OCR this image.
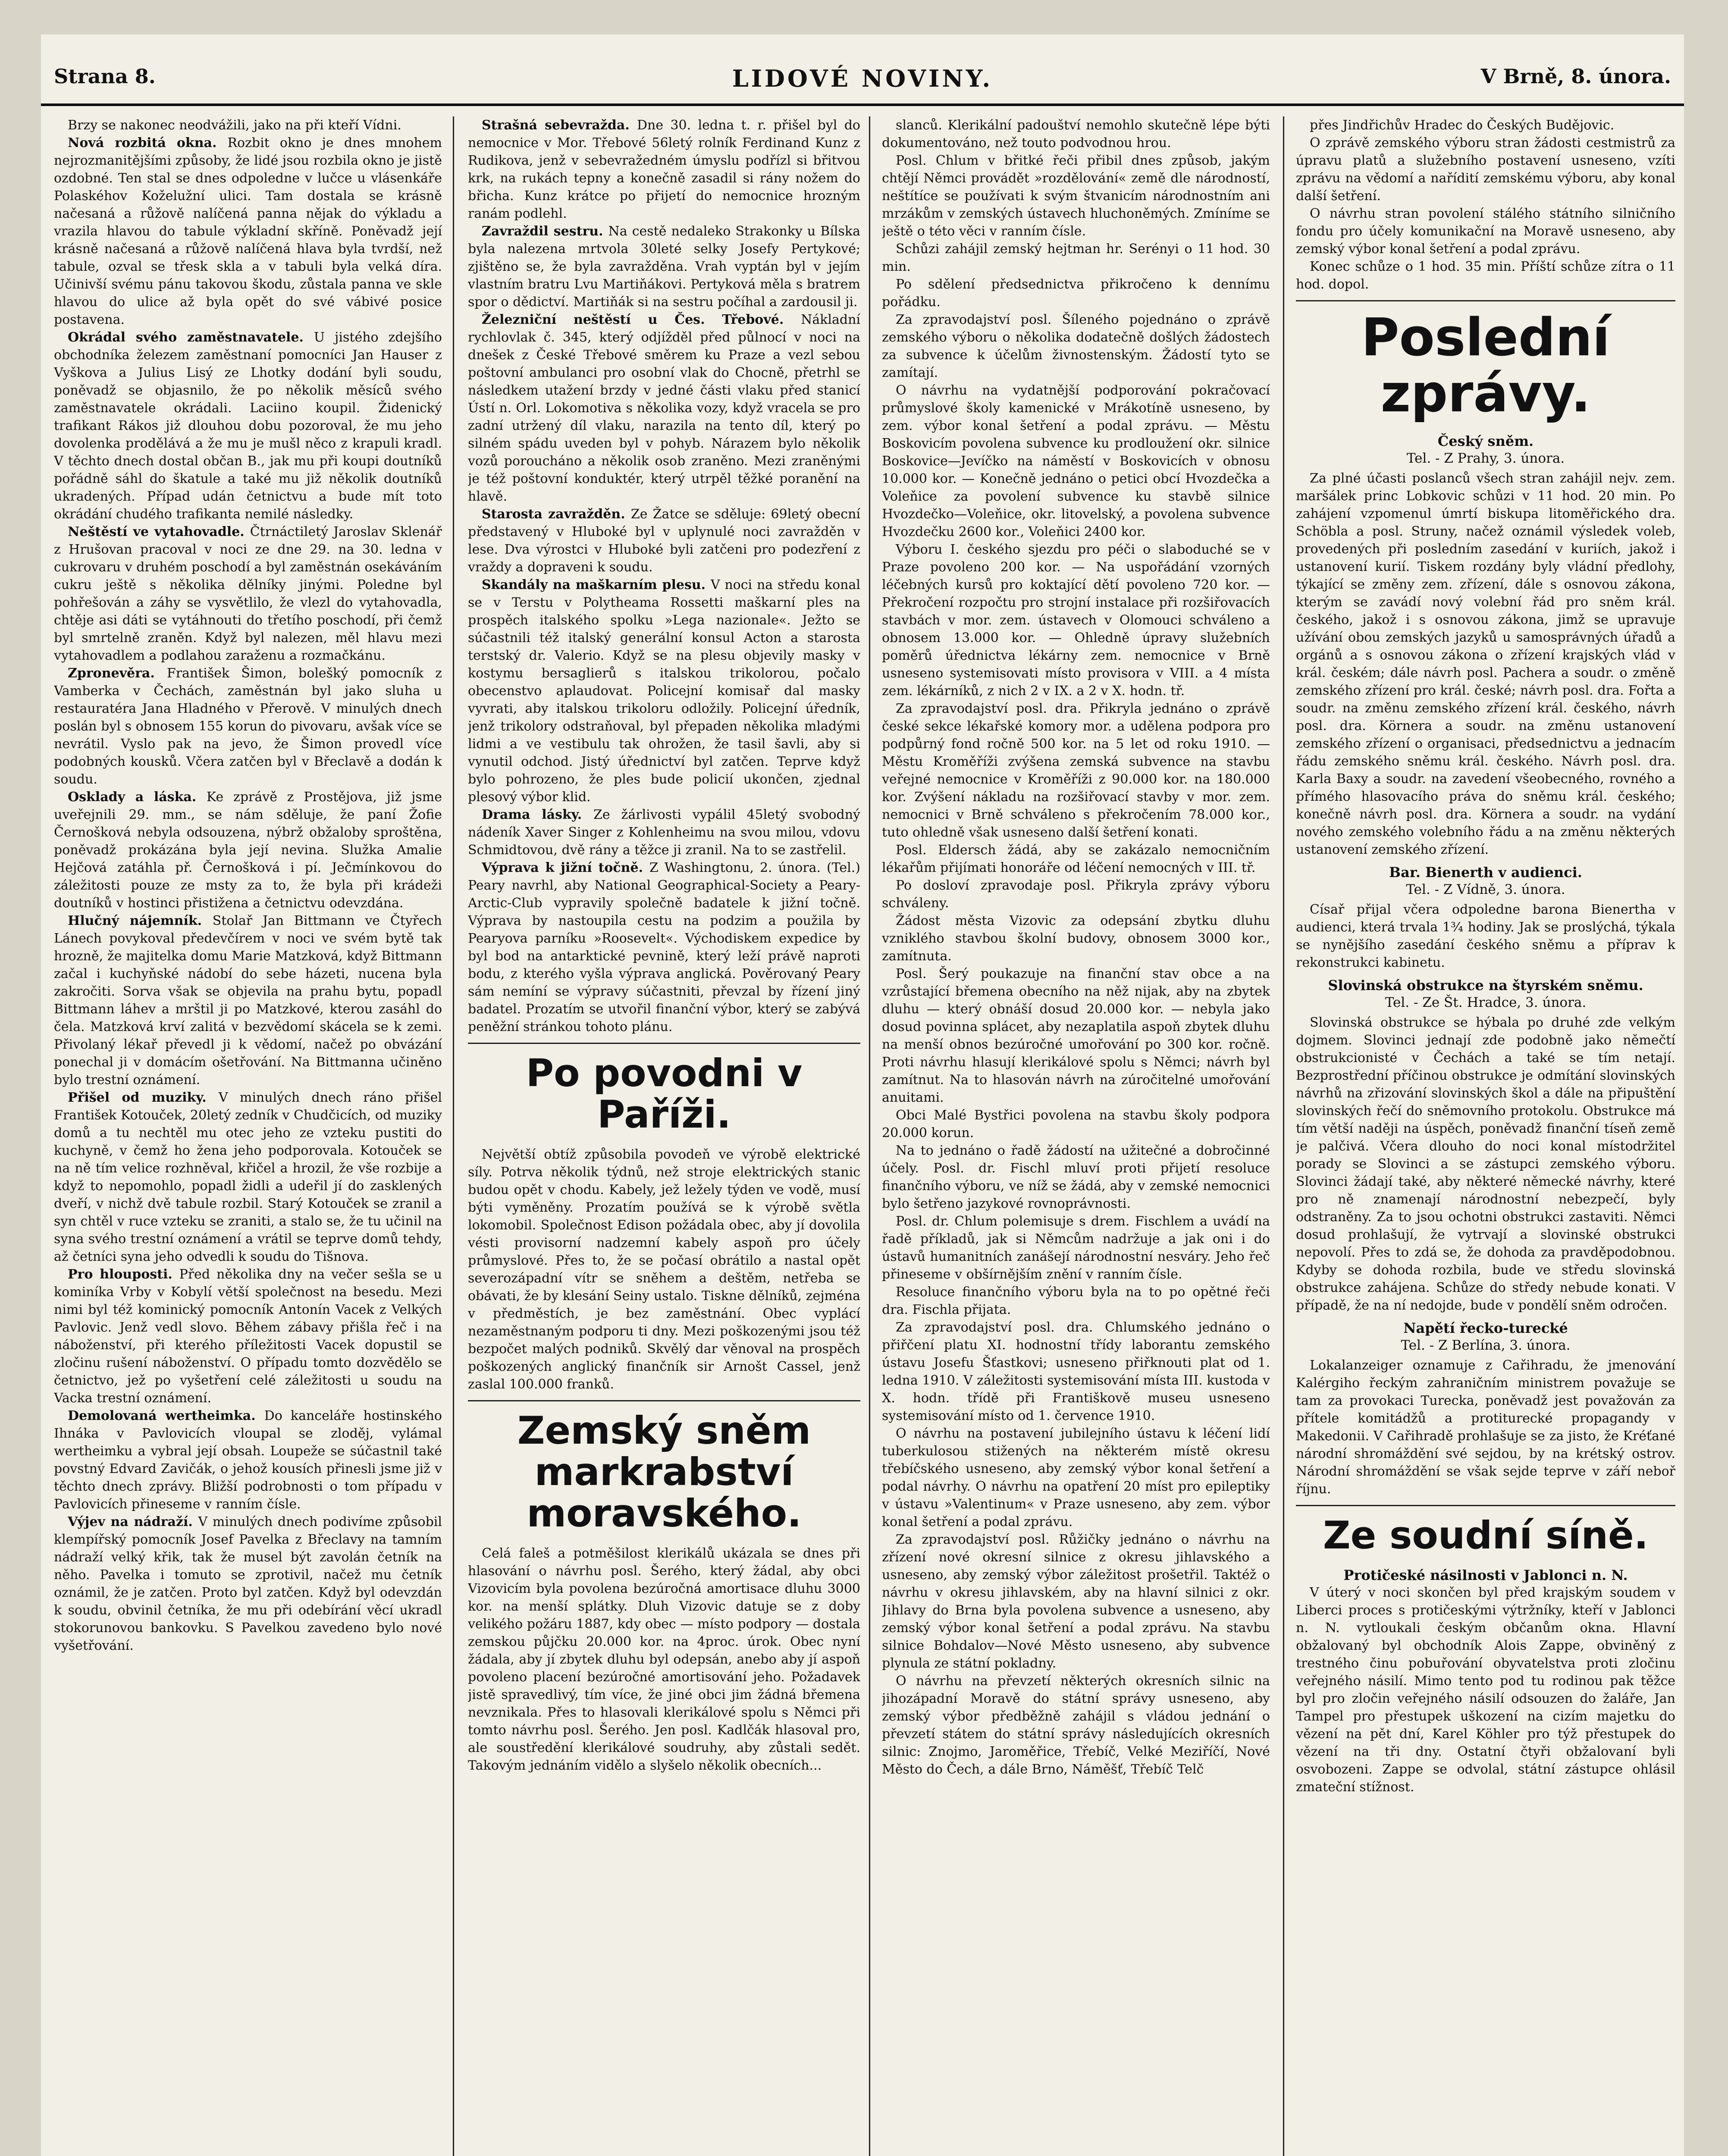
Strana 8.	LIDOVÉ NOVINY.	V Brně, 8. února.

Brzy se nakonec neodvážili, jako na při kteří Vídni.

Nová rozbitá okna. Rozbit okno je dnes mnohem nejrozmanitějšími způsoby, že lidé jsou rozbila okno je jistě ozdobné. Ten stal se dnes odpoledne v lučce u vlásenkáře Polaskéhov Koželužní ulici. Tam dostala se krásně načesaná a růžově nalíčená panna nějak do výkladu a vrazila hlavou do tabule výkladní skříně. Poněvadž její krásně načesaná a růžově nalíčená hlava byla tvrdší, než tabule, ozval se třesk skla a v tabuli byla velká díra. Učinivší svému pánu takovou škodu, zůstala panna ve skle hlavou do ulice až byla opět do své vábivé posice postavena.

Okrádal svého zaměstnavatele. U jistého zdejšího obchodníka železem zaměstnaní pomocníci Jan Hauser z Vyškova a Julius Lisý ze Lhotky dodání byli soudu, poněvadž se objasnilo, že po několik měsíců svého zaměstnavatele okrádali. Laciino koupil. Židenický trafikant Rákos již dlouhou dobu pozoroval, že mu jeho dovolenka prodělává a že mu je mušl něco z krapuli kradl. V těchto dnech dostal občan B., jak mu při koupi doutníků pořádně sáhl do škatule a také mu již několik doutníků ukradených. Případ udán četnictvu a bude mít toto okrádání chudého trafikanta nemilé následky.

Neštěstí ve vytahovadle. Čtrnáctiletý Jaroslav Sklenář z Hrušovan pracoval v noci ze dne 29. na 30. ledna v cukrovaru v druhém poschodí a byl zaměstnán osekáváním cukru ještě s několika dělníky jinými. Poledne byl pohřešován a záhy se vysvětlilo, že vlezl do vytahovadla, chtěje asi dáti se vytáhnouti do třetího poschodí, při čemž byl smrtelně zraněn. Když byl nalezen, měl hlavu mezi vytahovadlem a podlahou zaraženu a rozmačkánu.

Zpronevěra. František Šimon, bolešký pomocník z Vamberka v Čechách, zaměstnán byl jako sluha u restauratéra Jana Hladného v Přerově. V minulých dnech poslán byl s obnosem 155 korun do pivovaru, avšak více se nevrátil. Vyslo pak na jevo, že Šimon provedl více podobných kousků. Včera zatčen byl v Břeclavě a dodán k soudu.

Osklady a láska. Ke zprávě z Prostějova, již jsme uveřejnili 29. mm., se nám sděluje, že paní Žofie Černošková nebyla odsouzena, nýbrž obžaloby sproštěna, poněvadž prokázána byla její nevina. Služka Amalie Hejčová zatáhla př. Černošková i pí. Ječmínkovou do záležitosti pouze ze msty za to, že byla při krádeži doutníků v hostinci přistižena a četnictvu odevzdána.

Hlučný nájemník. Stolař Jan Bittmann ve Čtyřech Lánech povykoval předevčírem v noci ve svém bytě tak hrozně, že majitelka domu Marie Matzková, když Bittmann začal i kuchyňské nádobí do sebe házeti, nucena byla zakročiti. Sorva však se objevila na prahu bytu, popadl Bittmann láhev a mrštil ji po Matzkové, kterou zasáhl do čela. Matzková krví zalitá v bezvědomí skácela se k zemi. Přivolaný lékař převedl ji k vědomí, načež po obvázání ponechal ji v domácím ošetřování. Na Bittmanna učiněno bylo trestní oznámení.

Přišel od muziky. V minulých dnech ráno přišel František Kotouček, 20letý zedník v Chudčicích, od muziky domů a tu nechtěl mu otec jeho ze vzteku pustiti do kuchyně, v čemž ho žena jeho podporovala. Kotouček se na ně tím velice rozhněval, křičel a hrozil, že vše rozbije a když to nepomohlo, popadl židli a udeřil jí do zasklených dveří, v nichž dvě tabule rozbil. Starý Kotouček se zranil a syn chtěl v ruce vzteku se zraniti, a stalo se, že tu učinil na syna svého trestní oznámení a vrátil se teprve domů tehdy, až četníci syna jeho odvedli k soudu do Tišnova.

Pro hlouposti. Před několika dny na večer sešla se u kominíka Vrby v Kobylí větší společnost na besedu. Mezi nimi byl též kominický pomocník Antonín Vacek z Velkých Pavlovic. Jenž vedl slovo. Během zábavy přišla řeč i na náboženství, při kterého příležitosti Vacek dopustil se zločinu rušení náboženství. O případu tomto dozvědělo se četnictvo, jež po vyšetření celé záležitosti u soudu na Vacka trestní oznámení.

Demolovaná wertheimka. Do kanceláře hostinského Ihnáka v Pavlovicích vloupal se zloděj, vylámal wertheimku a vybral její obsah. Loupeže se súčastnil také povstný Edvard Zavičák, o jehož kousích přinesli jsme již v těchto dnech zprávy. Bližší podrobnosti o tom případu v Pavlovicích přineseme v ranním čísle.

Výjev na nádraží. V minulých dnech podivíme způsobil klempířský pomocník Josef Pavelka z Břeclavy na tamním nádraží velký křik, tak že musel být zavolán četník na něho. Pavelka i tomuto se zprotivil, načež mu četník oznámil, že je zatčen. Proto byl zatčen. Když byl odevzdán k soudu, obvinil četníka, že mu při odebírání věcí ukradl stokorunovou bankovku. S Pavelkou zavedeno bylo nové vyšetřování.

Strašná sebevražda. Dne 30. ledna t. r. přišel byl do nemocnice v Mor. Třebové 56letý rolník Ferdinand Kunz z Rudikova, jenž v sebevražedném úmyslu podřízl si břitvou krk, na rukách tepny a konečně zasadil si rány nožem do břicha. Kunz krátce po přijetí do nemocnice hrozným ranám podlehl.

Zavraždil sestru. Na cestě nedaleko Strakonky u Bílska byla nalezena mrtvola 30leté selky Josefy Pertykové; zjištěno se, že byla zavražděna. Vrah vyptán byl v jejím vlastním bratru Lvu Martiňákovi. Pertyková měla s bratrem spor o dědictví. Martiňák si na sestru počíhal a zardousil ji.

Železniční neštěstí u Čes. Třebové. Nákladní rychlovlak č. 345, který odjížděl před půlnocí v noci na dnešek z České Třebové směrem ku Praze a vezl sebou poštovní ambulanci pro osobní vlak do Chocně, přetrhl se následkem utažení brzdy v jedné části vlaku před stanicí Ústí n. Orl. Lokomotiva s několika vozy, když vracela se pro zadní utržený díl vlaku, narazila na tento díl, který po silném spádu uveden byl v pohyb. Nárazem bylo několik vozů poroucháno a několik osob zraněno. Mezi zraněnými je též poštovní konduktér, který utrpěl těžké poranění na hlavě.

Starosta zavražděn. Ze Žatce se sděluje: 69letý obecní představený v Hluboké byl v uplynulé noci zavražděn v lese. Dva výrostci v Hluboké byli zatčeni pro podezření z vraždy a dopraveni k soudu.

Skandály na maškarním plesu. V noci na středu konal se v Terstu v Polytheama Rossetti maškarní ples na prospěch italského spolku »Lega nazionale«. Ježto se súčastnili též italský generální konsul Acton a starosta terstský dr. Valerio. Když se na plesu objevily masky v kostymu bersaglierů s italskou trikolorou, počalo obecenstvo aplaudovat. Policejní komisař dal masky vyvrati, aby italskou trikoloru odložily. Policejní úředník, jenž trikolory odstraňoval, byl přepaden několika mladými lidmi a ve vestibulu tak ohrožen, že tasil šavli, aby si vynutil odchod. Jistý úřednictví byl zatčen. Teprve když bylo pohrozeno, že ples bude policií ukončen, zjednal plesový výbor klid.

Drama lásky. Ze žárlivosti vypálil 45letý svobodný nádeník Xaver Singer z Kohlenheimu na svou milou, vdovu Schmidtovou, dvě rány a těžce ji zranil. Na to se zastřelil.

Výprava k jižní točně. Z Washingtonu, 2. února. (Tel.) Peary navrhl, aby National Geographical-Society a Peary-Arctic-Club vypravily společně badatele k jižní točně. Výprava by nastoupila cestu na podzim a použila by Pearyova parníku »Roosevelt«. Východiskem expedice by byl bod na antarktické pevnině, který leží právě naproti bodu, z kterého vyšla výprava anglická. Pověrovaný Peary sám nemíní se výpravy súčastniti, převzal by řízení jiný badatel. Prozatím se utvořil finanční výbor, který se zabývá peněžní stránkou tohoto plánu.

Po povodni v Paříži.

Největší obtíž způsobila povodeň ve výrobě elektrické síly. Potrva několik týdnů, než stroje elektrických stanic budou opět v chodu. Kabely, jež ležely týden ve vodě, musí býti vyměněny. Prozatím používá se k výrobě světla lokomobil. Společnost Edison požádala obec, aby jí dovolila vésti provisorní nadzemní kabely aspoň pro účely průmyslové. Přes to, že se počasí obrátilo a nastal opět severozápadní vítr se sněhem a deštěm, netřeba se obávati, že by klesání Seiny ustalo. Tiskne dělníků, zejména v předměstích, je bez zaměstnání. Obec vyplácí nezaměstnaným podporu ti dny. Mezi poškozenými jsou též bezpočet malých podniků. Skvělý dar věnoval na prospěch poškozených anglický finančník sir Arnošt Cassel, jenž zaslal 100.000 franků.

Zemský sněm markrabství moravského.

Celá faleš a potměšilost klerikálů ukázala se dnes při hlasování o návrhu posl. Šerého, který žádal, aby obci Vizovicím byla povolena bezúročná amortisace dluhu 3000 kor. na menší splátky. Dluh Vizovic datuje se z doby velikého požáru 1887, kdy obec — místo podpory — dostala zemskou půjčku 20.000 kor. na 4proc. úrok. Obec nyní žádala, aby jí zbytek dluhu byl odepsán, anebo aby jí aspoň povoleno placení bezúročné amortisování jeho. Požadavek jistě spravedlivý, tím více, že jiné obci jim žádná břemena nevznikala. Přes to hlasovali klerikálové spolu s Němci při tomto návrhu posl. Šerého. Jen posl. Kadlčák hlasoval pro, ale soustředění klerikálové soudruhy, aby zůstali sedět. Takovým jednáním vidělo a slyšelo několik obecních...

slanců. Klerikální padouštví nemohlo skutečně lépe býti dokumentováno, než touto podvodnou hrou.

Posl. Chlum v břitké řeči přibil dnes způsob, jakým chtějí Němci provádět »rozdělování« země dle národností, neštítíce se používati k svým štvanicím národnostním ani mrzákům v zemských ústavech hluchoněmých. Zmíníme se ještě o této věci v ranním čísle.

Schůzi zahájil zemský hejtman hr. Serényi o 11 hod. 30 min.

Po sdělení předsednictva přikročeno k dennímu pořádku.

Za zpravodajství posl. Šíleného pojednáno o zprávě zemského výboru o několika dodatečně došlých žádostech za subvence k účelům živnostenským. Žádostí tyto se zamítají.

O návrhu na vydatnější podporování pokračovací průmyslové školy kamenické v Mrákotíně usneseno, by zem. výbor konal šetření a podal zprávu. — Městu Boskovicím povolena subvence ku prodloužení okr. silnice Boskovice—Jevíčko na náměstí v Boskovicích v obnosu 10.000 kor. — Konečně jednáno o petici obcí Hvozdečka a Voleňice za povolení subvence ku stavbě silnice Hvozdečko—Voleňice, okr. litovelský, a povolena subvence Hvozdečku 2600 kor., Voleňici 2400 kor.

Výboru I. českého sjezdu pro péči o slaboduché se v Praze povoleno 200 kor. — Na uspořádání vzorných léčebných kursů pro koktající dětí povoleno 720 kor. — Překročení rozpočtu pro strojní instalace při rozšiřovacích stavbách v mor. zem. ústavech v Olomouci schváleno a obnosem 13.000 kor. — Ohledně úpravy služebních poměrů úřednictva lékárny zem. nemocnice v Brně usneseno systemisovati místo provisora v VIII. a 4 místa zem. lékárníků, z nich 2 v IX. a 2 v X. hodn. tř.

Za zpravodajství posl. dra. Přikryla jednáno o zprávě české sekce lékařské komory mor. a udělena podpora pro podpůrný fond ročně 500 kor. na 5 let od roku 1910. — Městu Kroměříži zvýšena zemská subvence na stavbu veřejné nemocnice v Kroměříži z 90.000 kor. na 180.000 kor. Zvýšení nákladu na rozšiřovací stavby v mor. zem. nemocnici v Brně schváleno s překročením 78.000 kor., tuto ohledně však usneseno další šetření konati.

Posl. Eldersch žádá, aby se zakázalo nemocničním lékařům přijímati honoráře od léčení nemocných v III. tř.

Po dosloví zpravodaje posl. Přikryla zprávy výboru schváleny.

Žádost města Vizovic za odepsání zbytku dluhu vzniklého stavbou školní budovy, obnosem 3000 kor., zamítnuta.

Posl. Šerý poukazuje na finanční stav obce a na vzrůstající břemena obecního na něž nijak, aby na zbytek dluhu — který obnáší dosud 20.000 kor. — nebyla jako dosud povinna splácet, aby nezaplatila aspoň zbytek dluhu na menší obnos bezúročné umořování po 300 kor. ročně. Proti návrhu hlasují klerikálové spolu s Němci; návrh byl zamítnut. Na to hlasován návrh na zúročitelné umořování anuitami.

Obci Malé Bystřici povolena na stavbu školy podpora 20.000 korun.

Na to jednáno o řadě žádostí na užitečné a dobročinné účely. Posl. dr. Fischl mluví proti přijetí resoluce finančního výboru, ve níž se žádá, aby v zemské nemocnici bylo šetřeno jazykové rovnoprávnosti.

Posl. dr. Chlum polemisuje s drem. Fischlem a uvádí na řadě příkladů, jak si Němcům nadržuje a jak oni i do ústavů humanitních zanášejí národnostní nesváry. Jeho řeč přineseme v obšírnějším znění v ranním čísle.

Resoluce finančního výboru byla na to po opětné řeči dra. Fischla přijata.

Za zpravodajství posl. dra. Chlumského jednáno o přiřčení platu XI. hodnostní třídy laborantu zemského ústavu Josefu Šťastkovi; usneseno přiřknouti plat od 1. ledna 1910. V záležitosti systemisování místa III. kustoda v X. hodn. třídě při Františkově museu usneseno systemisování místo od 1. července 1910.

O návrhu na postavení jubilejního ústavu k léčení lidí tuberkulosou stižených na některém místě okresu třebíčského usneseno, aby zemský výbor konal šetření a podal návrhy. O návrhu na opatření 20 míst pro epileptiky v ústavu »Valentinum« v Praze usneseno, aby zem. výbor konal šetření a podal zprávu.

Za zpravodajství posl. Růžičky jednáno o návrhu na zřízení nové okresní silnice z okresu jihlavského a usneseno, aby zemský výbor záležitost prošetřil. Taktéž o návrhu v okresu jihlavském, aby na hlavní silnici z okr. Jihlavy do Brna byla povolena subvence a usneseno, aby zemský výbor konal šetření a podal zprávu. Na stavbu silnice Bohdalov—Nové Město usneseno, aby subvence plynula ze státní pokladny.

O návrhu na převzetí některých okresních silnic na jihozápadní Moravě do státní správy usneseno, aby zemský výbor předběžně zahájil s vládou jednání o převzetí státem do státní správy následujících okresních silnic: Znojmo, Jaroměřice, Třebíč, Velké Meziříčí, Nové Město do Čech, a dále Brno, Náměšť, Třebíč Telč

přes Jindřichův Hradec do Českých Budějovic.

O zprávě zemského výboru stran žádosti cestmistrů za úpravu platů a služebního postavení usneseno, vzíti zprávu na vědomí a nařídití zemskému výboru, aby konal další šetření.

O návrhu stran povolení stálého státního silničního fondu pro účely komunikační na Moravě usneseno, aby zemský výbor konal šetření a podal zprávu.

Konec schůze o 1 hod. 35 min. Příští schůze zítra o 11 hod. dopol.

Poslední zprávy.
Český sněm.
Tel. - Z Prahy, 3. února.

Za plné účasti poslanců všech stran zahájil nejv. zem. maršálek princ Lobkovic schůzi v 11 hod. 20 min. Po zahájení vzpomenul úmrtí biskupa litoměřického dra. Schöbla a posl. Struny, načež oznámil výsledek voleb, provedených při posledním zasedání v kuriích, jakož i ustanovení kurií. Tiskem rozdány byly vládní předlohy, týkající se změny zem. zřízení, dále s osnovou zákona, kterým se zavádí nový volební řád pro sněm král. českého, jakož i s osnovou zákona, jimž se upravuje užívání obou zemských jazyků u samosprávných úřadů a orgánů a s osnovou zákona o zřízení krajských vlád v král. českém; dále návrh posl. Pachera a soudr. o změně zemského zřízení pro král. české; návrh posl. dra. Fořta a soudr. na změnu zemského zřízení král. českého, návrh posl. dra. Körnera a soudr. na změnu ustanovení zemského zřízení o organisaci, předsednictvu a jednacím řádu zemského sněmu král. českého. Návrh posl. dra. Karla Baxy a soudr. na zavedení všeobecného, rovného a přímého hlasovacího práva do sněmu král. českého; konečně návrh posl. dra. Körnera a soudr. na vydání nového zemského volebního řádu a na změnu některých ustanovení zemského zřízení.

Bar. Bienerth v audienci.
Tel. - Z Vídně, 3. února.

Císař přijal včera odpoledne barona Bienertha v audienci, která trvala 1¾ hodiny. Jak se proslýchá, týkala se nynějšího zasedání českého sněmu a příprav k rekonstrukci kabinetu.

Slovinská obstrukce na štyrském sněmu.
Tel. - Ze Št. Hradce, 3. února.

Slovinská obstrukce se hýbala po druhé zde velkým dojmem. Slovinci jednají zde podobně jako němečtí obstrukcionisté v Čechách a také se tím netají. Bezprostřední příčinou obstrukce je odmítání slovinských návrhů na zřizování slovinských škol a dále na připuštění slovinských řečí do sněmovního protokolu. Obstrukce má tím větší naději na úspěch, poněvadž finanční tíseň země je palčivá. Včera dlouho do noci konal místodržitel porady se Slovinci a se zástupci zemského výboru. Slovinci žádají také, aby některé německé návrhy, které pro ně znamenají národnostní nebezpečí, byly odstraněny. Za to jsou ochotni obstrukci zastaviti. Němci dosud prohlašují, že vytrvají a slovinské obstrukci nepovolí. Přes to zdá se, že dohoda za pravděpodobnou. Kdyby se dohoda rozbila, bude ve středu slovinská obstrukce zahájena. Schůze do středy nebude konati. V případě, že na ní nedojde, bude v pondělí sněm odročen.

Napětí řecko-turecké
Tel. - Z Berlína, 3. února.

Lokalanzeiger oznamuje z Cařihradu, že jmenování Kalérgiho řeckým zahraničním ministrem považuje se tam za provokaci Turecka, poněvadž jest považován za přítele komitádžů a protiturecké propagandy v Makedonii. V Cařihradě prohlašuje se za jisto, že Kréťané národní shromáždění své sejdou, by na krétský ostrov. Národní shromáždění se však sejde teprve v září neboř říjnu.

Ze soudní síně.
Protičeské násilnosti v Jablonci n. N.

V úterý v noci skončen byl před krajským soudem v Liberci proces s protičeskými výtržníky, kteří v Jablonci n. N. vytloukali českým občanům okna. Hlavní obžalovaný byl obchodník Alois Zappe, obviněný z trestného činu pobuřování obyvatelstva proti zločinu veřejného násilí. Mimo tento pod tu rodinou pak těžce byl pro zločin veřejného násilí odsouzen do žaláře, Jan Tampel pro přestupek uškození na cizím majetku do vězení na pět dní, Karel Köhler pro týž přestupek do vězení na tři dny. Ostatní čtyři obžalovaní byli osvobozeni. Zappe se odvolal, státní zástupce ohlásil zmateční stížnost.
